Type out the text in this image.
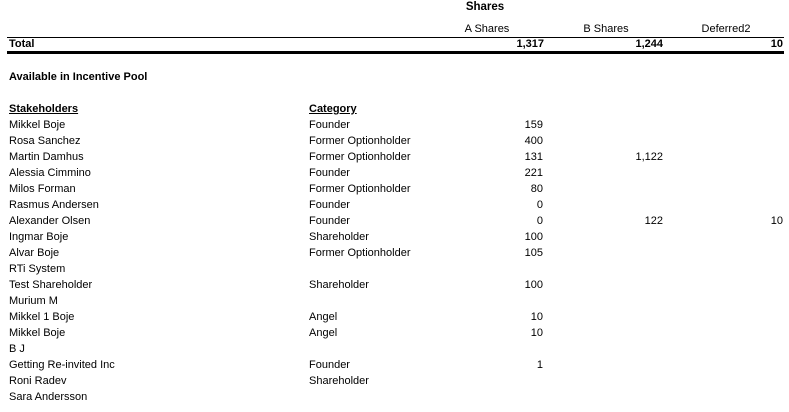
Shares
A Shares	B Shares	Deferred2
Total	1,317	1,244	10
Available in Incentive Pool
Stakeholders	Category
Mikkel Boje	Founder	159
Rosa Sanchez	Former Optionholder	400
Martin Damhus	Former Optionholder	131	1,122
Alessia Cimmino	Founder	221
Milos Forman	Former Optionholder	80
Rasmus Andersen	Founder	0
Alexander Olsen	Founder	0	122	10
Ingmar Boje	Shareholder	100
Alvar Boje	Former Optionholder	105
RTi System
Test Shareholder	Shareholder	100
Murium M
Mikkel 1 Boje	Angel	10
Mikkel Boje	Angel	10
B J
Getting Re-invited Inc	Founder	1
Roni Radev	Shareholder
Sara Andersson
